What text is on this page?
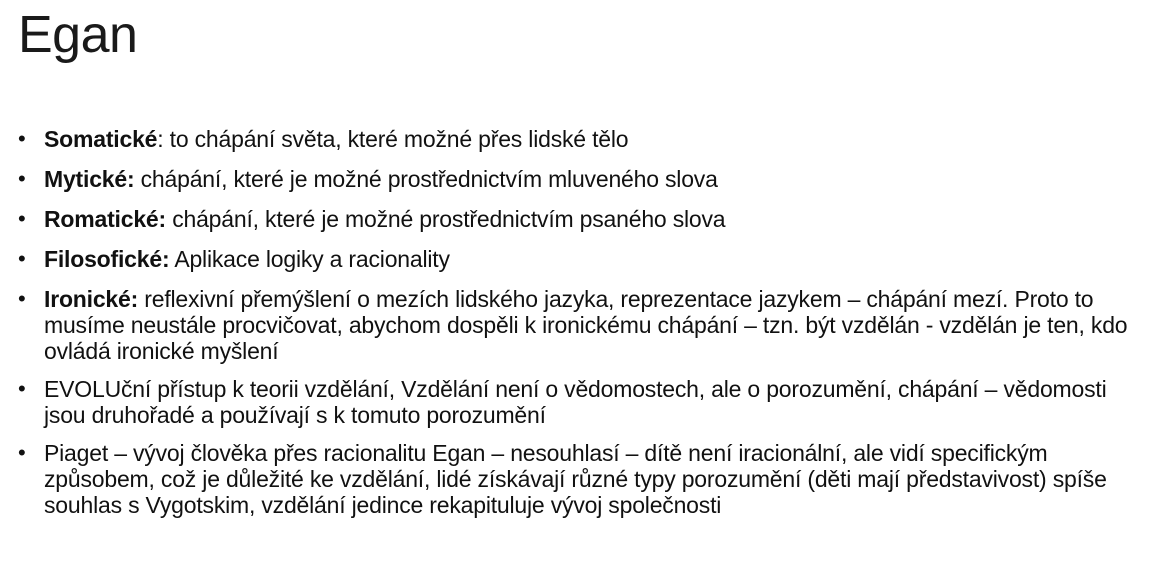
Egan
• Somatické: to chápání světa, které možné přes lidské tělo
• Mytické: chápání, které je možné prostřednictvím mluveného slova
• Romatické: chápání, které je možné prostřednictvím psaného slova
• Filosofické: Aplikace logiky a racionality
• Ironické: reflexivní přemýšlení o mezích lidského jazyka, reprezentace jazykem – chápání mezí. Proto to musíme neustále procvičovat, abychom dospěli k ironickému chápání – tzn. být vzdělán - vzdělán je ten, kdo ovládá ironické myšlení
• EVOLUční přístup k teorii vzdělání, Vzdělání není o vědomostech, ale o porozumění, chápání – vědomosti jsou druhořadé a používají s k tomuto porozumění
• Piaget – vývoj člověka přes racionalitu Egan – nesouhlasí – dítě není iracionální, ale vidí specifickým způsobem, což je důležité ke vzdělání, lidé získávají různé typy porozumění (děti mají představivost) spíše souhlas s Vygotskim, vzdělání jedince rekapituluje vývoj společnosti
